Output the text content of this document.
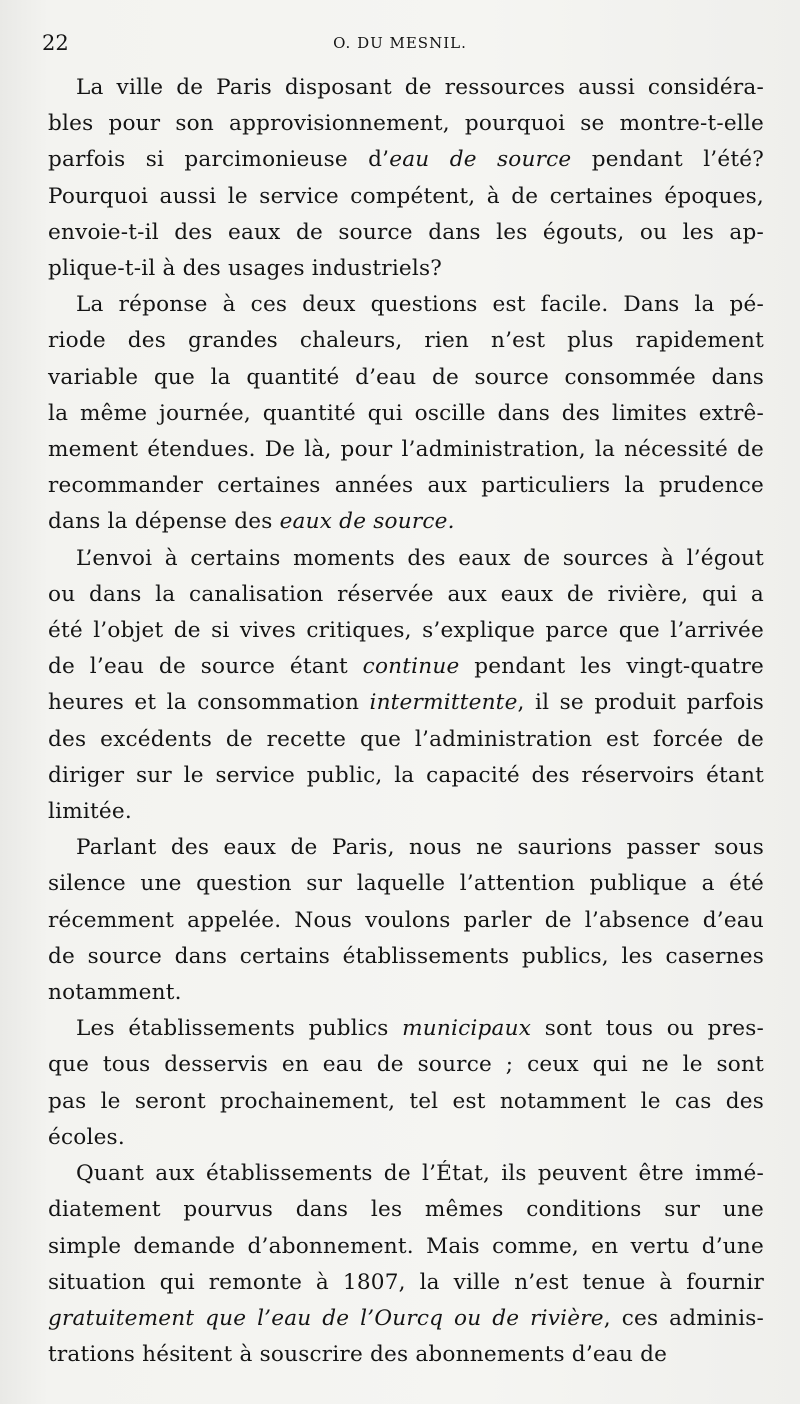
22	O. DU MESNIL.
La ville de Paris disposant de ressources aussi considéra-
bles pour son approvisionnement, pourquoi se montre-t-elle
parfois si parcimonieuse d’eau de source pendant l’été?
Pourquoi aussi le service compétent, à de certaines époques,
envoie-t-il des eaux de source dans les égouts, ou les ap-
plique-t-il à des usages industriels?
La réponse à ces deux questions est facile. Dans la pé-
riode des grandes chaleurs, rien n’est plus rapidement
variable que la quantité d’eau de source consommée dans
la même journée, quantité qui oscille dans des limites extrê-
mement étendues. De là, pour l’administration, la nécessité de
recommander certaines années aux particuliers la prudence
dans la dépense des eaux de source.
L’envoi à certains moments des eaux de sources à l’égout
ou dans la canalisation réservée aux eaux de rivière, qui a
été l’objet de si vives critiques, s’explique parce que l’arrivée
de l’eau de source étant continue pendant les vingt-quatre
heures et la consommation intermittente, il se produit parfois
des excédents de recette que l’administration est forcée de
diriger sur le service public, la capacité des réservoirs étant
limitée.
Parlant des eaux de Paris, nous ne saurions passer sous
silence une question sur laquelle l’attention publique a été
récemment appelée. Nous voulons parler de l’absence d’eau
de source dans certains établissements publics, les casernes
notamment.
Les établissements publics municipaux sont tous ou pres-
que tous desservis en eau de source ; ceux qui ne le sont
pas le seront prochainement, tel est notamment le cas des
écoles.
Quant aux établissements de l’État, ils peuvent être immé-
diatement pourvus dans les mêmes conditions sur une
simple demande d’abonnement. Mais comme, en vertu d’une
situation qui remonte à 1807, la ville n’est tenue à fournir
gratuitement que l’eau de l’Ourcq ou de rivière, ces adminis-
trations hésitent à souscrire des abonnements d’eau de
